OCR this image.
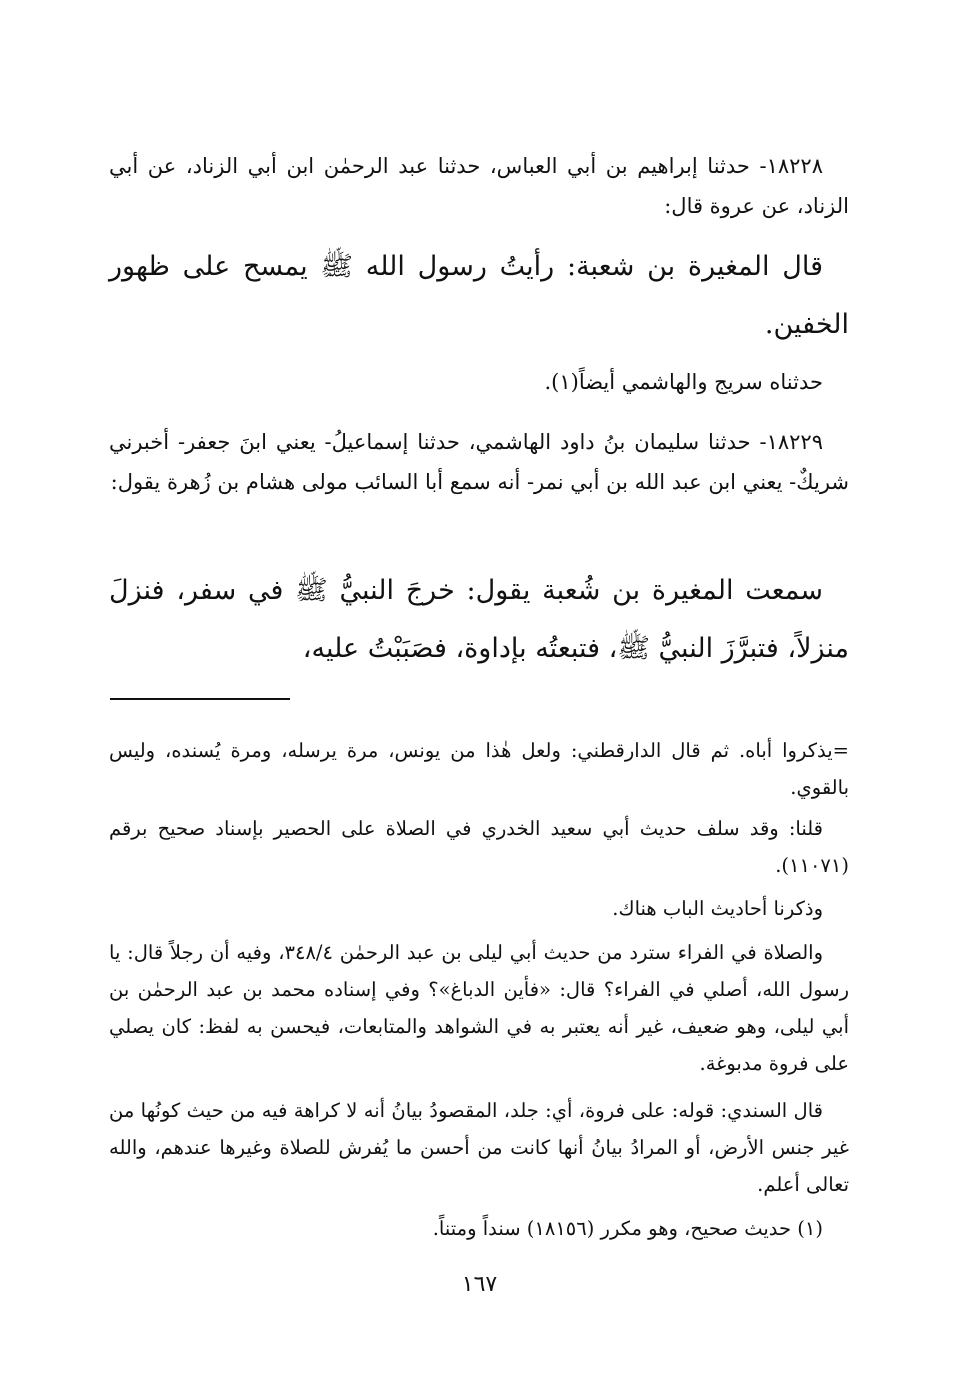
١٨٢٢٨- حدثنا إبراهيم بن أبي العباس، حدثنا عبد الرحمٰن ابن أبي الزناد، عن أبي الزناد، عن عروة قال:

قال المغيرة بن شعبة: رأيتُ رسول الله ﷺ يمسح على ظهور الخفين.

حدثناه سريج والهاشمي أيضاً(١).

١٨٢٢٩- حدثنا سليمان بنُ داود الهاشمي، حدثنا إسماعيلُ- يعني ابنَ جعفر- أخبرني شريكٌ- يعني ابن عبد الله بن أبي نمر- أنه سمع أبا السائب مولى هشام بن زُهرة يقول:

سمعت المغيرة بن شُعبة يقول: خرجَ النبيُّ ﷺ في سفر، فنزلَ منزلاً، فتبرَّزَ النبيُّ ﷺ، فتبعتُه بإداوة، فصَبَبْتُ عليه،

=يذكروا أباه. ثم قال الدارقطني: ولعل هٰذا من يونس، مرة يرسله، ومرة يُسنده، وليس بالقوي.

قلنا: وقد سلف حديث أبي سعيد الخدري في الصلاة على الحصير بإسناد صحيح برقم (١١٠٧١).

وذكرنا أحاديث الباب هناك.

والصلاة في الفراء سترد من حديث أبي ليلى بن عبد الرحمٰن ٣٤٨/٤، وفيه أن رجلاً قال: يا رسول الله، أصلي في الفراء؟ قال: «فأين الدباغ»؟ وفي إسناده محمد بن عبد الرحمٰن بن أبي ليلى، وهو ضعيف، غير أنه يعتبر به في الشواهد والمتابعات، فيحسن به لفظ: كان يصلي على فروة مدبوغة.

قال السندي: قوله: على فروة، أي: جلد، المقصودُ بيانُ أنه لا كراهة فيه من حيث كونُها من غير جنس الأرض، أو المرادُ بيانُ أنها كانت من أحسن ما يُفرش للصلاة وغيرها عندهم، والله تعالى أعلم.

(١) حديث صحيح، وهو مكرر (١٨١٥٦) سنداً ومتناً.

١٦٧
